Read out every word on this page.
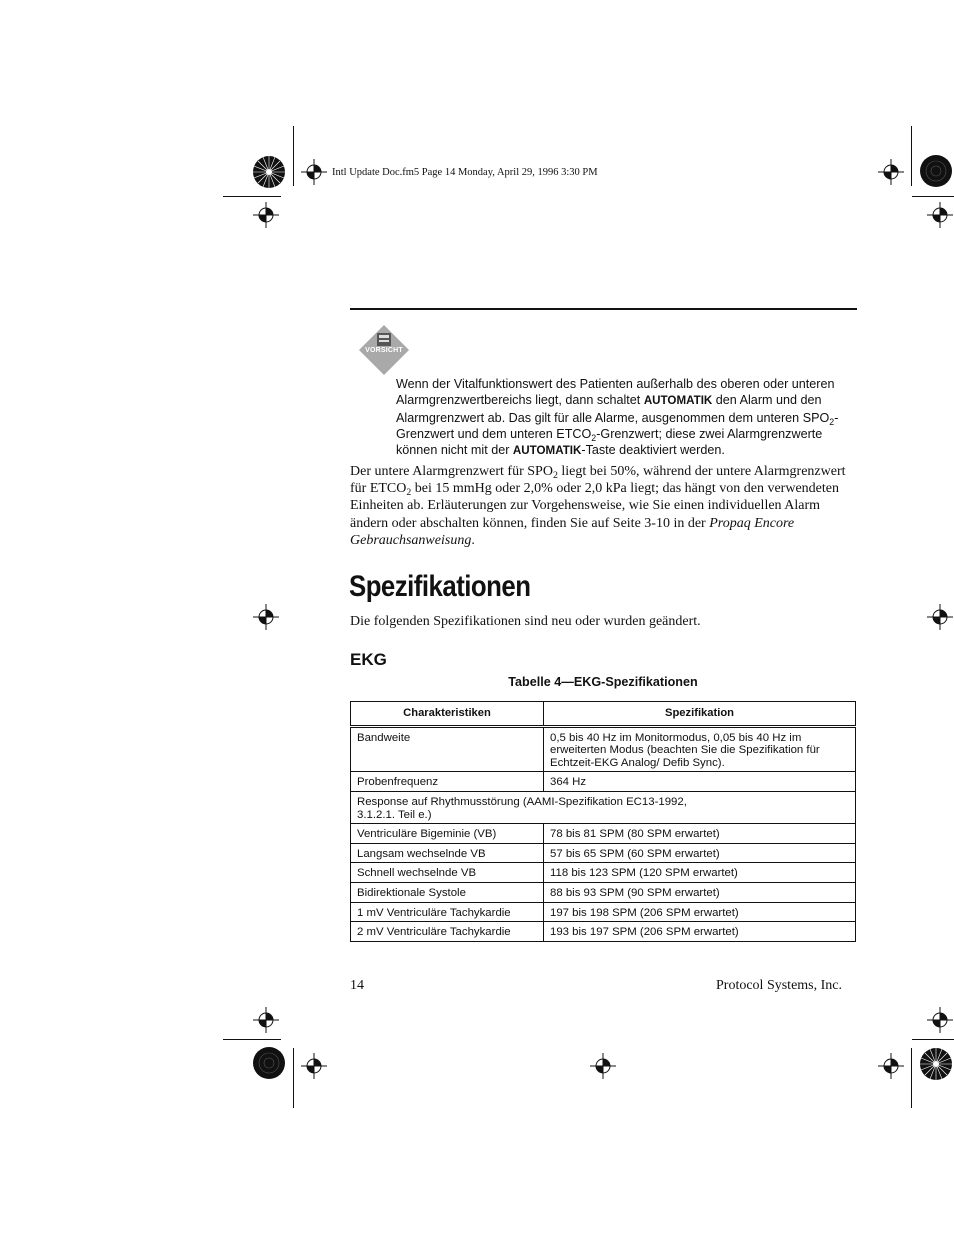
Intl Update Doc.fm5 Page 14 Monday, April 29, 1996 3:30 PM
VORSICHT
Wenn der Vitalfunktionswert des Patienten außerhalb des oberen oder unteren Alarmgrenzwertbereichs liegt, dann schaltet AUTOMATIK den Alarm und den Alarmgrenzwert ab. Das gilt für alle Alarme, ausgenommen dem unteren $SPO_2$-Grenzwert und dem unteren $ETCO_2$-Grenzwert; diese zwei Alarmgrenzwerte können nicht mit der AUTOMATIK-Taste deaktiviert werden.
Der untere Alarmgrenzwert für $SPO_2$ liegt bei 50%, während der untere Alarmgrenzwert für $ETCO_2$ bei 15 mmHg oder 2,0% oder 2,0 kPa liegt; das hängt von den verwendeten Einheiten ab. Erläuterungen zur Vorgehensweise, wie Sie einen individuellen Alarm ändern oder abschalten können, finden Sie auf Seite 3-10 in der Propaq Encore Gebrauchsanweisung.
Spezifikationen
Die folgenden Spezifikationen sind neu oder wurden geändert.
EKG
Tabelle 4—EKG-Spezifikationen
Charakteristiken	Spezifikation
Bandweite	0,5 bis 40 Hz im Monitormodus, 0,05 bis 40 Hz im erweiterten Modus (beachten Sie die Spezifikation für Echtzeit-EKG Analog/ Defib Sync).
Probenfrequenz	364 Hz
Response auf Rhythmusstörung (AAMI-Spezifikation EC13-1992, 3.1.2.1. Teil e.)	
Ventriculäre Bigeminie (VB)	78 bis 81 SPM (80 SPM erwartet)
Langsam wechselnde VB	57 bis 65 SPM (60 SPM erwartet)
Schnell wechselnde VB	118 bis 123 SPM (120 SPM erwartet)
Bidirektionale Systole	88 bis 93 SPM (90 SPM erwartet)
1 mV Ventriculäre Tachykardie	197 bis 198 SPM (206 SPM erwartet)
2 mV Ventriculäre Tachykardie	193 bis 197 SPM (206 SPM erwartet)
14	Protocol Systems, Inc.
